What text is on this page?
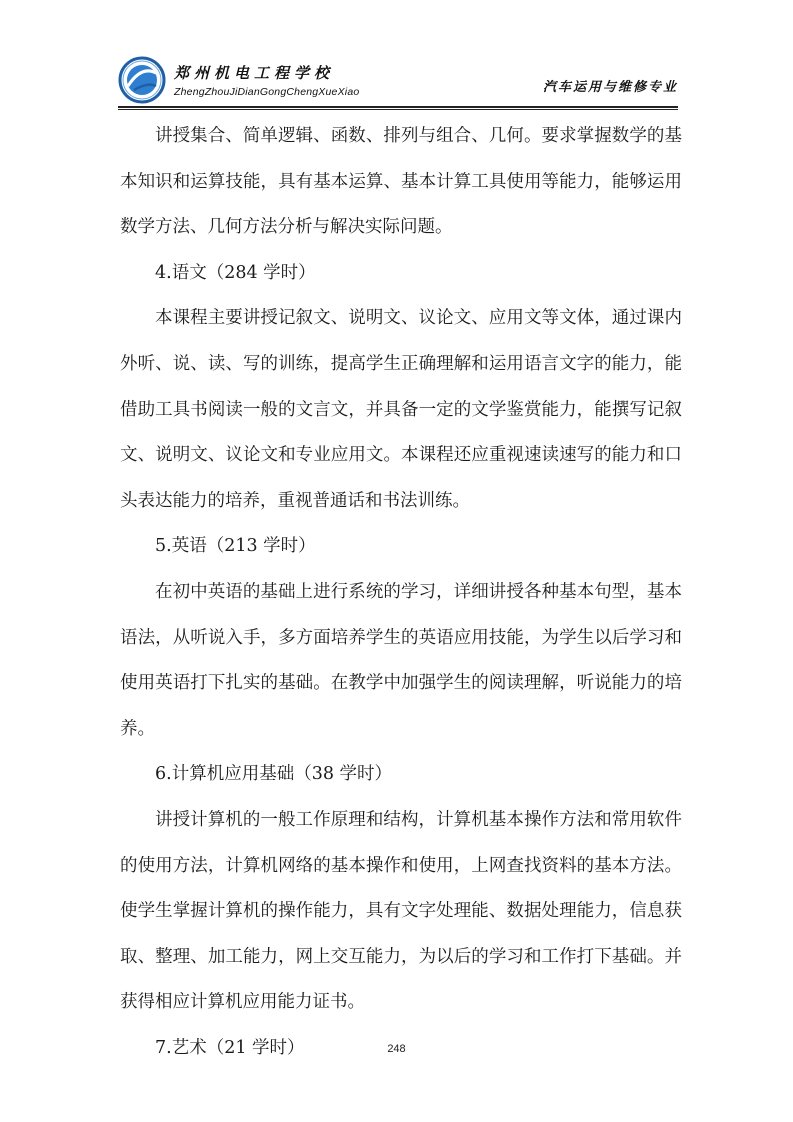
郑州机电工程学校
ZhengZhouJiDianGongChengXueXiao	汽车运用与维修专业

讲授集合、简单逻辑、函数、排列与组合、几何。要求掌握数学的基本知识和运算技能，具有基本运算、基本计算工具使用等能力，能够运用数学方法、几何方法分析与解决实际问题。

4.语文（284 学时）

本课程主要讲授记叙文、说明文、议论文、应用文等文体，通过课内外听、说、读、写的训练，提高学生正确理解和运用语言文字的能力，能借助工具书阅读一般的文言文，并具备一定的文学鉴赏能力，能撰写记叙文、说明文、议论文和专业应用文。本课程还应重视速读速写的能力和口头表达能力的培养，重视普通话和书法训练。

5.英语（213 学时）

在初中英语的基础上进行系统的学习，详细讲授各种基本句型，基本语法，从听说入手，多方面培养学生的英语应用技能，为学生以后学习和使用英语打下扎实的基础。在教学中加强学生的阅读理解，听说能力的培养。

6.计算机应用基础（38 学时）

讲授计算机的一般工作原理和结构，计算机基本操作方法和常用软件的使用方法，计算机网络的基本操作和使用，上网查找资料的基本方法。使学生掌握计算机的操作能力，具有文字处理能、数据处理能力，信息获取、整理、加工能力，网上交互能力，为以后的学习和工作打下基础。并获得相应计算机应用能力证书。

7.艺术（21 学时）	248
